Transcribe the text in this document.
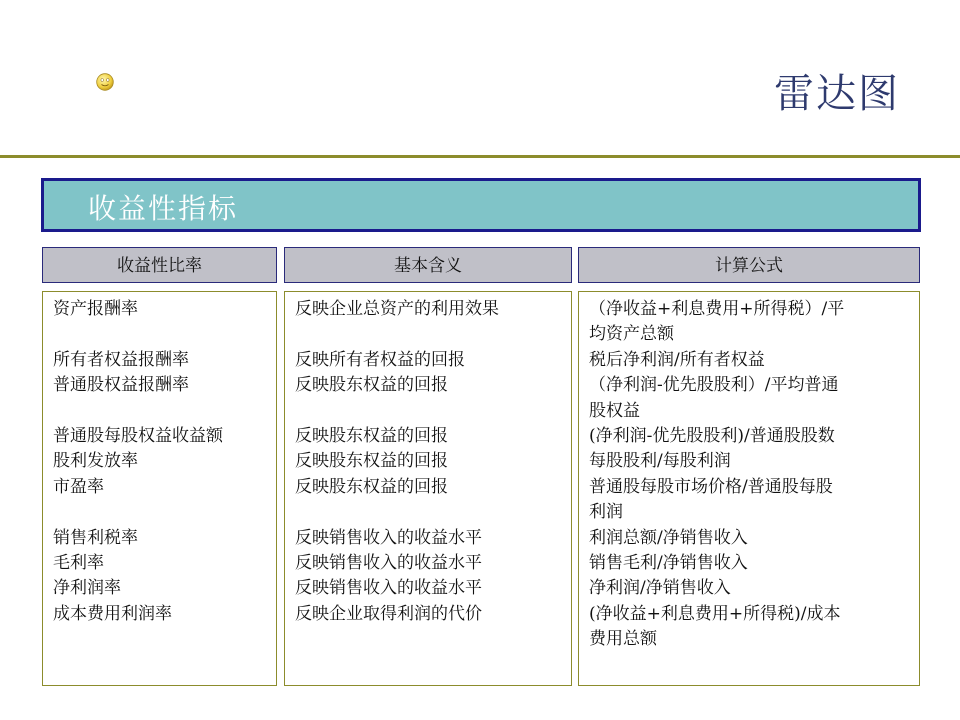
雷达图
收益性指标
收益性比率	基本含义	计算公式
资产报酬率
所有者权益报酬率
普通股权益报酬率
普通股每股权益收益额
股利发放率
市盈率
销售利税率
毛利率
净利润率
成本费用利润率
反映企业总资产的利用效果
反映所有者权益的回报
反映股东权益的回报
反映股东权益的回报
反映股东权益的回报
反映股东权益的回报
反映销售收入的收益水平
反映销售收入的收益水平
反映销售收入的收益水平
反映企业取得利润的代价
（净收益+利息费用+所得税）/平
均资产总额
税后净利润/所有者权益
（净利润-优先股股利）/平均普通
股权益
(净利润-优先股股利)/普通股股数
每股股利/每股利润
普通股每股市场价格/普通股每股
利润
利润总额/净销售收入
销售毛利/净销售收入
净利润/净销售收入
(净收益+利息费用+所得税)/成本
费用总额
